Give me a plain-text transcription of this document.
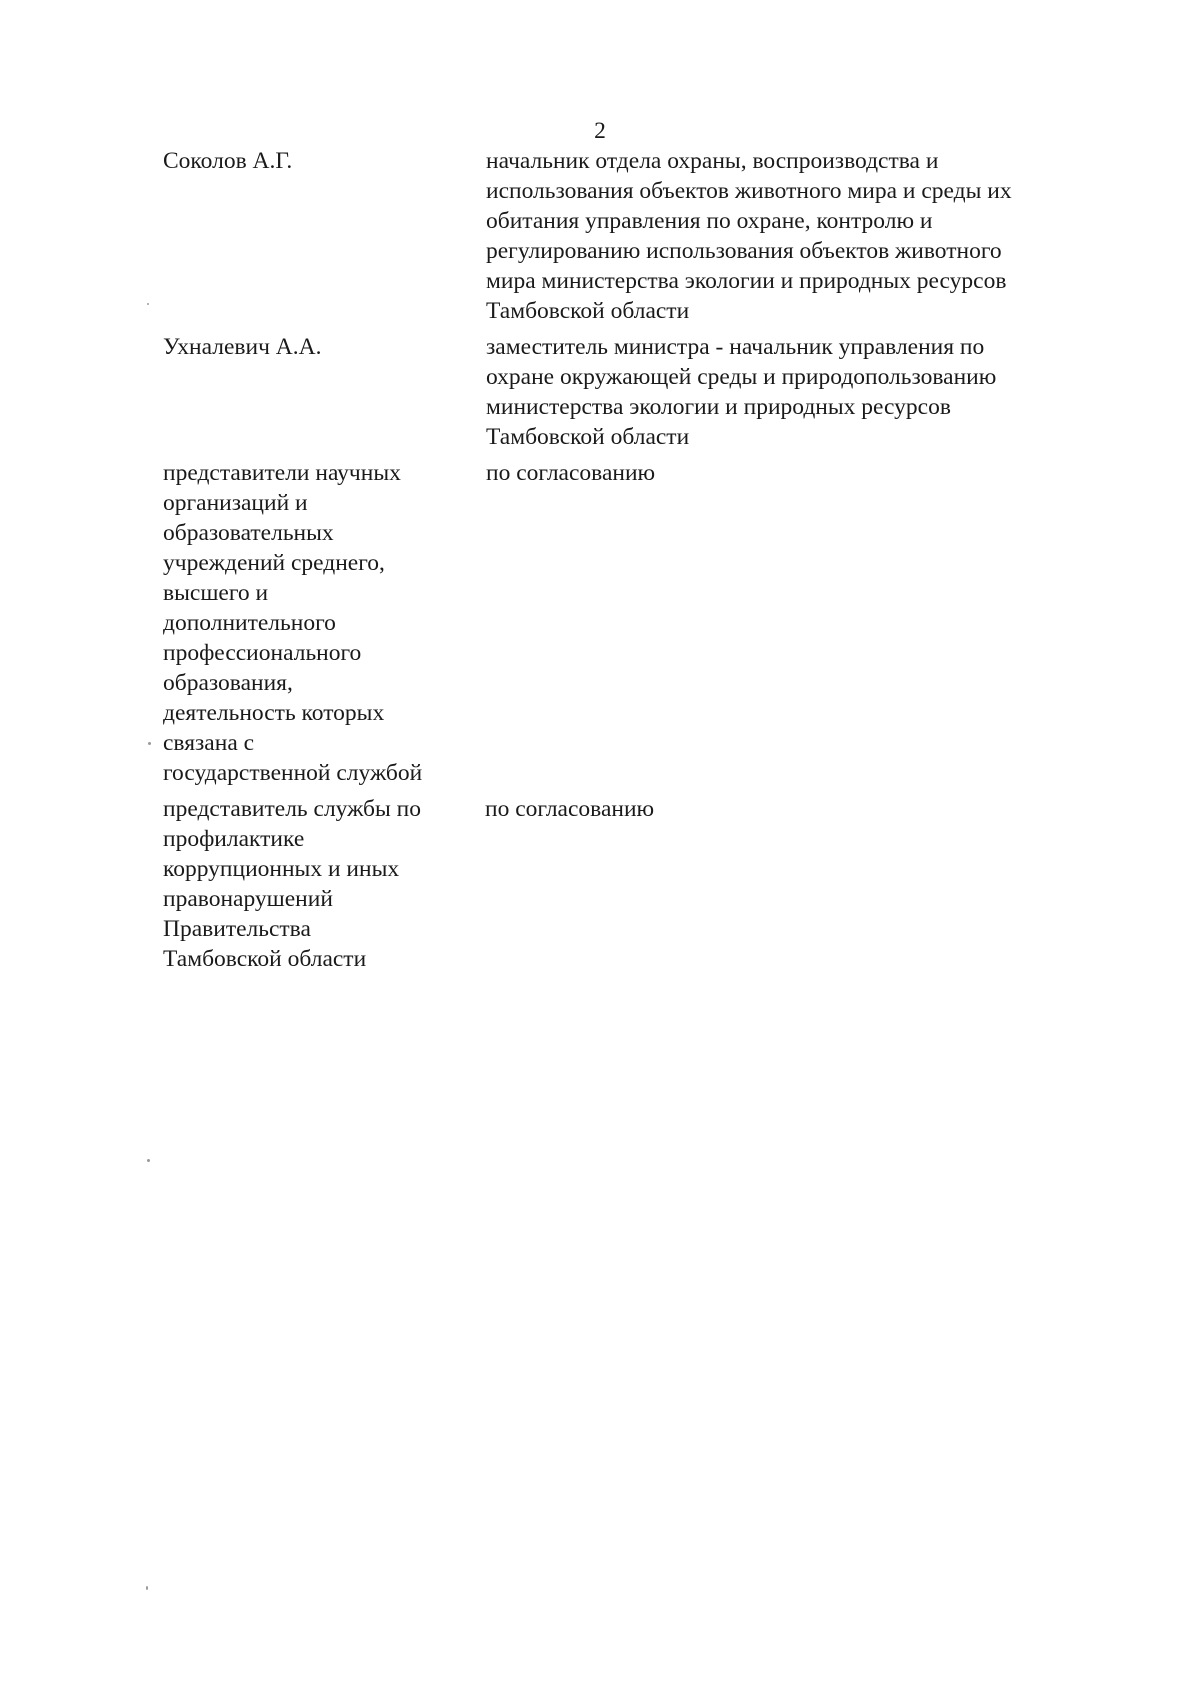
2
Соколов А.Г.	начальник отдела охраны, воспроизводства и
использования объектов животного мира и среды их
обитания управления по охране, контролю и
регулированию использования объектов животного
мира министерства экологии и природных ресурсов
Тамбовской области
Ухналевич А.А.	заместитель министра - начальник управления по
охране окружающей среды и природопользованию
министерства экологии и природных ресурсов
Тамбовской области
представители научных
организаций и
образовательных
учреждений среднего,
высшего и
дополнительного
профессионального
образования,
деятельность которых
связана с
государственной службой
по согласованию
представитель службы по
профилактике
коррупционных и иных
правонарушений
Правительства
Тамбовской области
по согласованию
